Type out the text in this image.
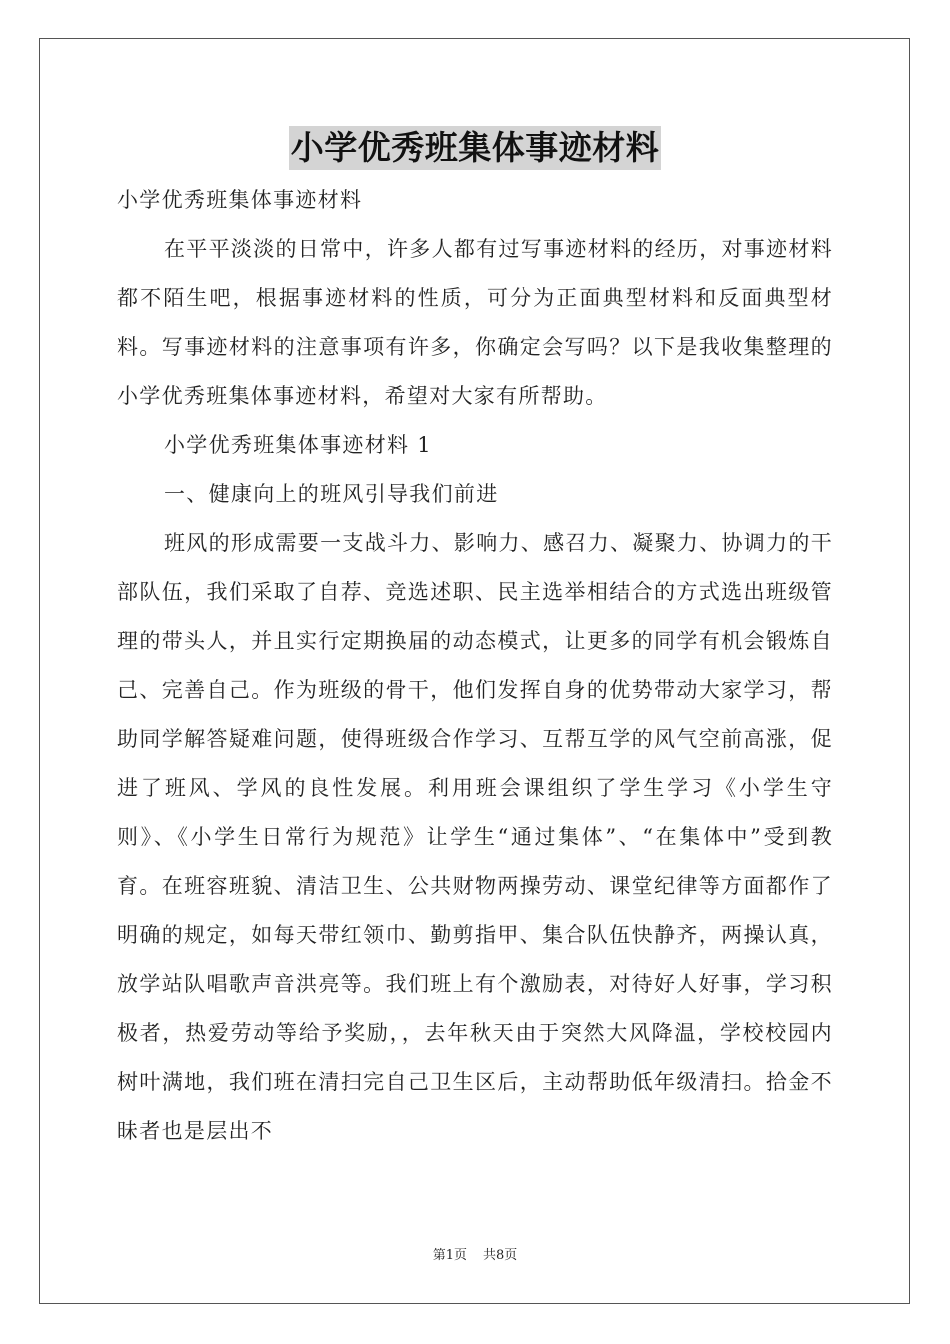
小学优秀班集体事迹材料

小学优秀班集体事迹材料

在平平淡淡的日常中，许多人都有过写事迹材料的经历，对事迹材料都不陌生吧，根据事迹材料的性质，可分为正面典型材料和反面典型材料。写事迹材料的注意事项有许多，你确定会写吗？以下是我收集整理的小学优秀班集体事迹材料，希望对大家有所帮助。

小学优秀班集体事迹材料 1

一、健康向上的班风引导我们前进

班风的形成需要一支战斗力、影响力、感召力、凝聚力、协调力的干部队伍，我们采取了自荐、竞选述职、民主选举相结合的方式选出班级管理的带头人，并且实行定期换届的动态模式，让更多的同学有机会锻炼自己、完善自己。作为班级的骨干，他们发挥自身的优势带动大家学习，帮助同学解答疑难问题，使得班级合作学习、互帮互学的风气空前高涨，促进了班风、学风的良性发展。利用班会课组织了学生学习《小学生守则》、《小学生日常行为规范》让学生“通过集体”、“在集体中”受到教育。在班容班貌、清洁卫生、公共财物两操劳动、课堂纪律等方面都作了明确的规定，如每天带红领巾、勤剪指甲、集合队伍快静齐，两操认真，放学站队唱歌声音洪亮等。我们班上有个激励表，对待好人好事，学习积极者，热爱劳动等给予奖励，，去年秋天由于突然大风降温，学校校园内树叶满地，我们班在清扫完自己卫生区后，主动帮助低年级清扫。拾金不昧者也是层出不

第1页 共8页
